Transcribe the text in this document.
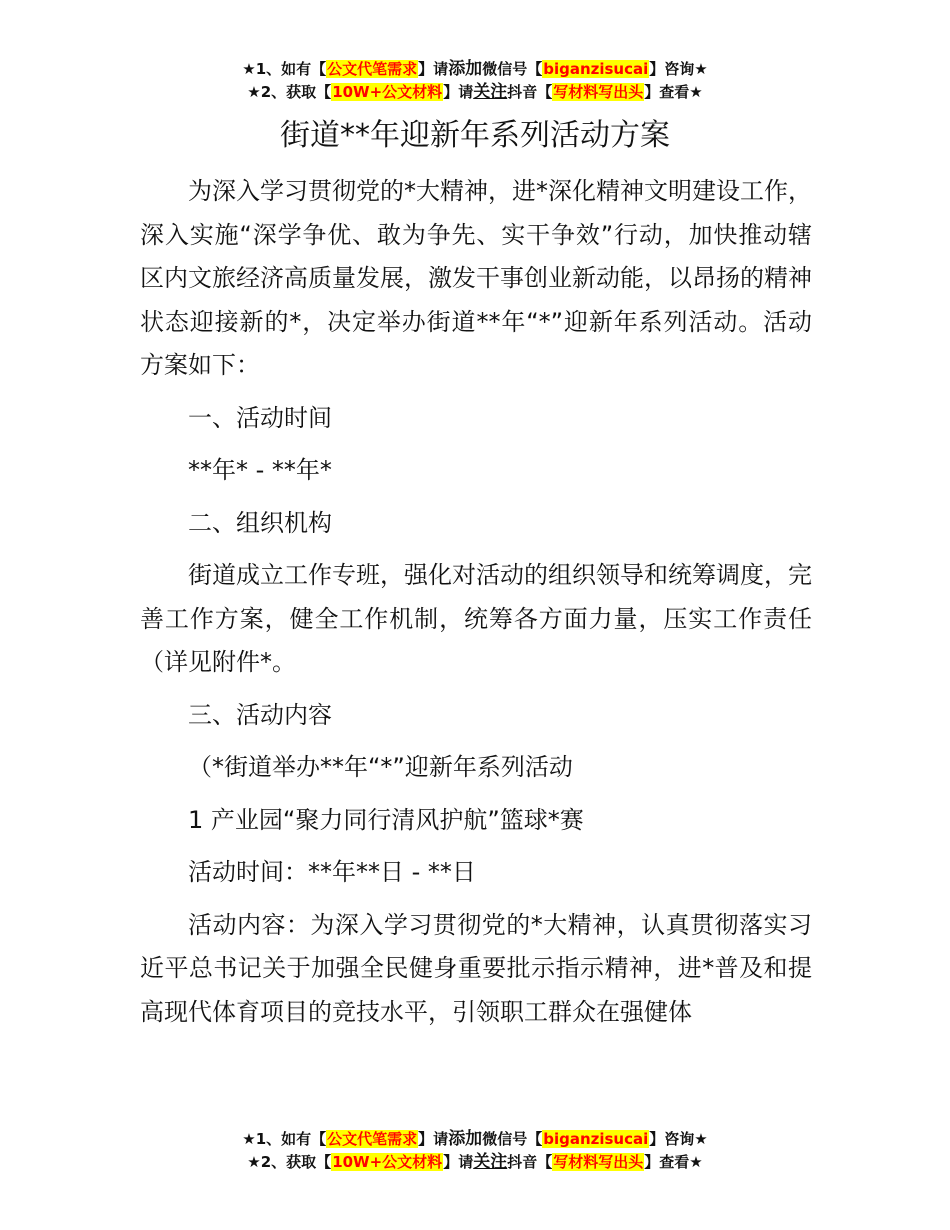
★1、如有【公文代笔需求】请添加微信号【biganzisucai】咨询★
★2、获取【10W+公文材料】请关注抖音【写材料写出头】查看★
街道**年迎新年系列活动方案

为深入学习贯彻党的*大精神，进*深化精神文明建设工作，深入实施“深学争优、敢为争先、实干争效”行动，加快推动辖区内文旅经济高质量发展，激发干事创业新动能，以昂扬的精神状态迎接新的*，决定举办街道**年“*”迎新年系列活动。活动方案如下：

一、活动时间

**年* - **年*

二、组织机构

街道成立工作专班，强化对活动的组织领导和统筹调度，完善工作方案，健全工作机制，统筹各方面力量，压实工作责任（详见附件*。

三、活动内容

（*街道举办**年“*”迎新年系列活动

1 产业园“聚力同行清风护航”篮球*赛

活动时间：**年**日 - **日

活动内容：为深入学习贯彻党的*大精神，认真贯彻落实习近平总书记关于加强全民健身重要批示指示精神，进*普及和提高现代体育项目的竞技水平，引领职工群众在强健体

★1、如有【公文代笔需求】请添加微信号【biganzisucai】咨询★
★2、获取【10W+公文材料】请关注抖音【写材料写出头】查看★
